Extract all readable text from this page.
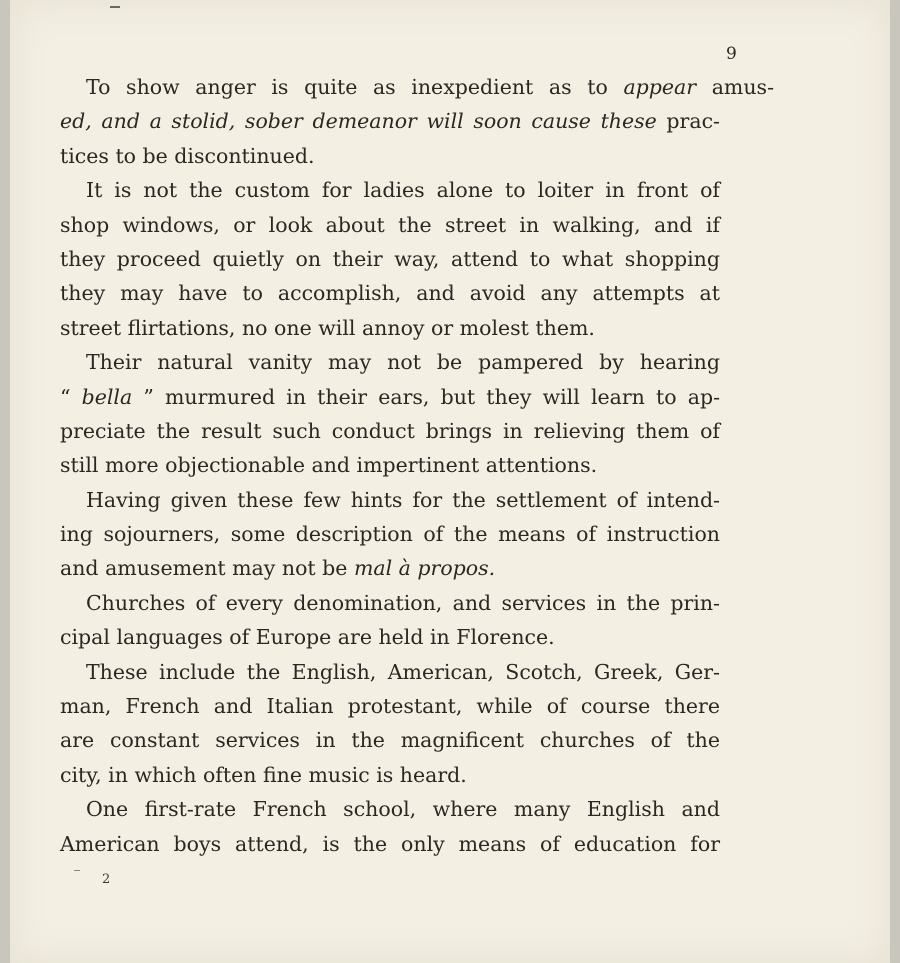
9
To show anger is quite as inexpedient as to appear amus-
ed, and a stolid, sober demeanor will soon cause these prac-
tices to be discontinued.
It is not the custom for ladies alone to loiter in front of
shop windows, or look about the street in walking, and if
they proceed quietly on their way, attend to what shopping
they may have to accomplish, and avoid any attempts at
street flirtations, no one will annoy or molest them.
Their natural vanity may not be pampered by hearing
“ bella ” murmured in their ears, but they will learn to ap-
preciate the result such conduct brings in relieving them of
still more objectionable and impertinent attentions.
Having given these few hints for the settlement of intend-
ing sojourners, some description of the means of instruction
and amusement may not be mal à propos.
Churches of every denomination, and services in the prin-
cipal languages of Europe are held in Florence.
These include the English, American, Scotch, Greek, Ger-
man, French and Italian protestant, while of course there
are constant services in the magnificent churches of the
city, in which often fine music is heard.
One first-rate French school, where many English and
American boys attend, is the only means of education for
2
